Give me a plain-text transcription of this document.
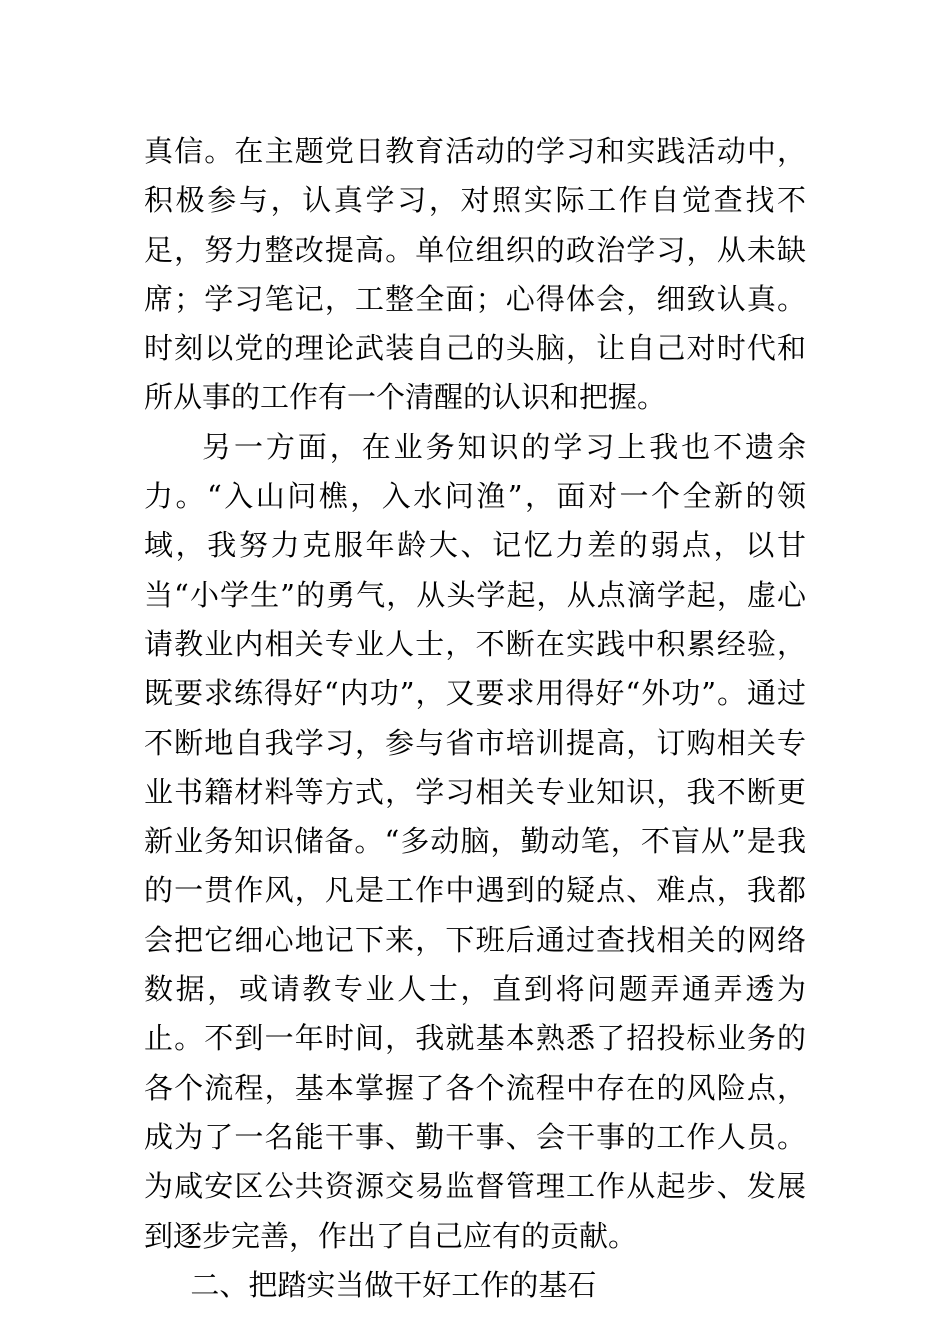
真信。在主题党日教育活动的学习和实践活动中，积极参与，认真学习，对照实际工作自觉查找不足，努力整改提高。单位组织的政治学习，从未缺席；学习笔记，工整全面；心得体会，细致认真。时刻以党的理论武装自己的头脑，让自己对时代和所从事的工作有一个清醒的认识和把握。

另一方面，在业务知识的学习上我也不遗余力。“入山问樵，入水问渔”，面对一个全新的领域，我努力克服年龄大、记忆力差的弱点，以甘当“小学生”的勇气，从头学起，从点滴学起，虚心请教业内相关专业人士，不断在实践中积累经验，既要求练得好“内功”，又要求用得好“外功”。通过不断地自我学习，参与省市培训提高，订购相关专业书籍材料等方式，学习相关专业知识，我不断更新业务知识储备。“多动脑，勤动笔，不盲从”是我的一贯作风，凡是工作中遇到的疑点、难点，我都会把它细心地记下来，下班后通过查找相关的网络数据，或请教专业人士，直到将问题弄通弄透为止。不到一年时间，我就基本熟悉了招投标业务的各个流程，基本掌握了各个流程中存在的风险点，成为了一名能干事、勤干事、会干事的工作人员。为咸安区公共资源交易监督管理工作从起步、发展到逐步完善，作出了自己应有的贡献。

二、把踏实当做干好工作的基石
